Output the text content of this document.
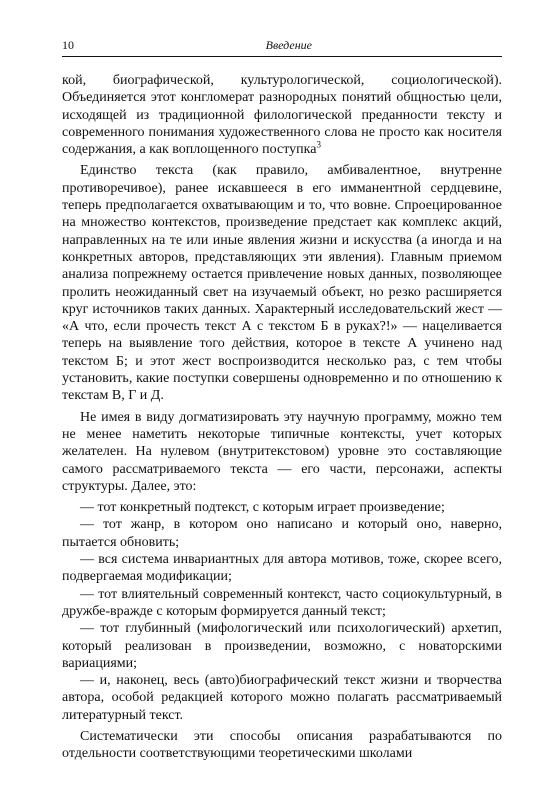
10	Введение

кой, биографической, культурологической, социологической). Объединяется этот конгломерат разнородных понятий общностью цели, исходящей из традиционной филологической преданности тексту и современного понимания художественного слова не просто как носителя содержания, а как воплощенного поступка$^3$

Единство текста (как правило, амбивалентное, внутренне противоречивое), ранее искавшееся в его имманентной сердцевине, теперь предполагается охватывающим и то, что вовне. Спроецированное на множество контекстов, произведение предстает как комплекс акций, направленных на те или иные явления жизни и искусства (а иногда и на конкретных авторов, представляющих эти явления). Главным приемом анализа попрежнему остается привлечение новых данных, позволяющее пролить неожиданный свет на изучаемый объект, но резко расширяется круг источников таких данных. Характерный исследовательский жест — «А что, если прочесть текст А с текстом Б в руках?!» — нацеливается теперь на выявление того действия, которое в тексте А учинено над текстом Б; и этот жест воспроизводится несколько раз, с тем чтобы установить, какие поступки совершены одновременно и по отношению к текстам В, Г и Д.

Не имея в виду догматизировать эту научную программу, можно тем не менее наметить некоторые типичные контексты, учет которых желателен. На нулевом (внутритекстовом) уровне это составляющие самого рассматриваемого текста — его части, персонажи, аспекты структуры. Далее, это:

— тот конкретный подтекст, с которым играет произведение;

— тот жанр, в котором оно написано и который оно, наверно, пытается обновить;

— вся система инвариантных для автора мотивов, тоже, скорее всего, подвергаемая модификации;

— тот влиятельный современный контекст, часто социокультурный, в дружбе-вражде с которым формируется данный текст;

— тот глубинный (мифологический или психологический) архетип, который реализован в произведении, возможно, с новаторскими вариациями;

— и, наконец, весь (авто)биографический текст жизни и творчества автора, особой редакцией которого можно полагать рассматриваемый литературный текст.

Систематически эти способы описания разрабатываются по отдельности соответствующими теоретическими школами
